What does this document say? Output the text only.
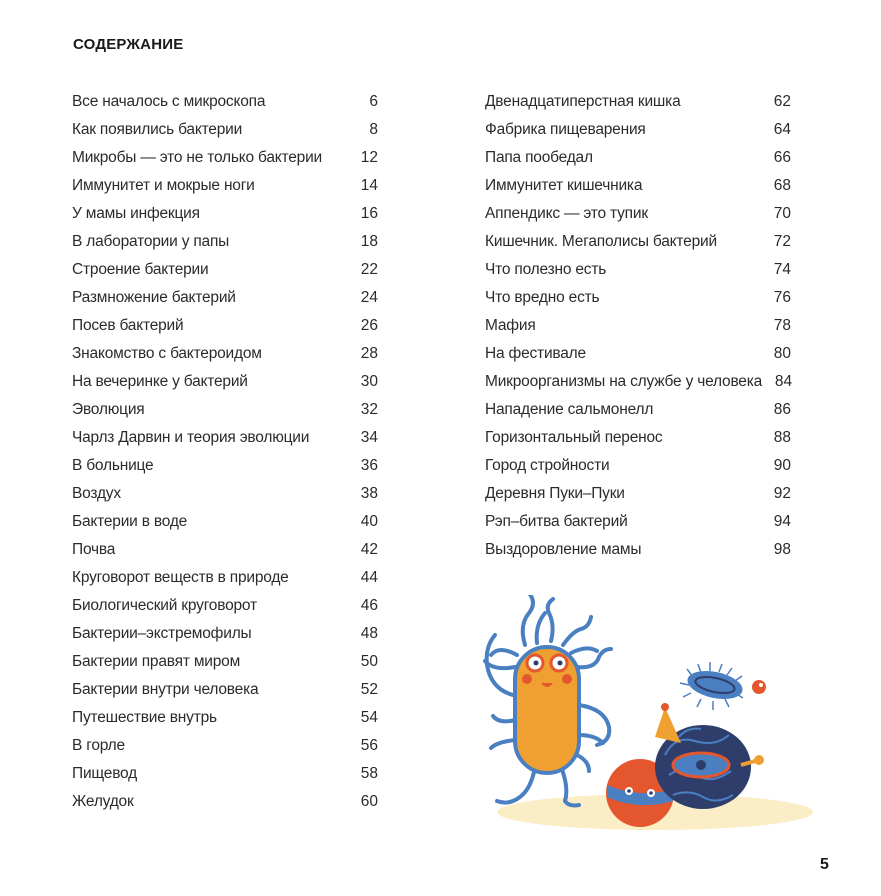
СОДЕРЖАНИЕ
Все началось с микроскопа	6
Как появились бактерии	8
Микробы — это не только бактерии	12
Иммунитет и мокрые ноги	14
У мамы инфекция	16
В лаборатории у папы	18
Строение бактерии	22
Размножение бактерий	24
Посев бактерий	26
Знакомство с бактероидом	28
На вечеринке у бактерий	30
Эволюция	32
Чарлз Дарвин и теория эволюции	34
В больнице	36
Воздух	38
Бактерии в воде	40
Почва	42
Круговорот веществ в природе	44
Биологический круговорот	46
Бактерии–экстремофилы	48
Бактерии правят миром	50
Бактерии внутри человека	52
Путешествие внутрь	54
В горле	56
Пищевод	58
Желудок	60
Двенадцатиперстная кишка	62
Фабрика пищеварения	64
Папа пообедал	66
Иммунитет кишечника	68
Аппендикс — это тупик	70
Кишечник. Мегаполисы бактерий	72
Что полезно есть	74
Что вредно есть	76
Мафия	78
На фестивале	80
Микроорганизмы на службе у человека 84
Нападение сальмонелл	86
Горизонтальный перенос	88
Город стройности	90
Деревня Пуки–Пуки	92
Рэп–битва бактерий	94
Выздоровление мамы	98
5
